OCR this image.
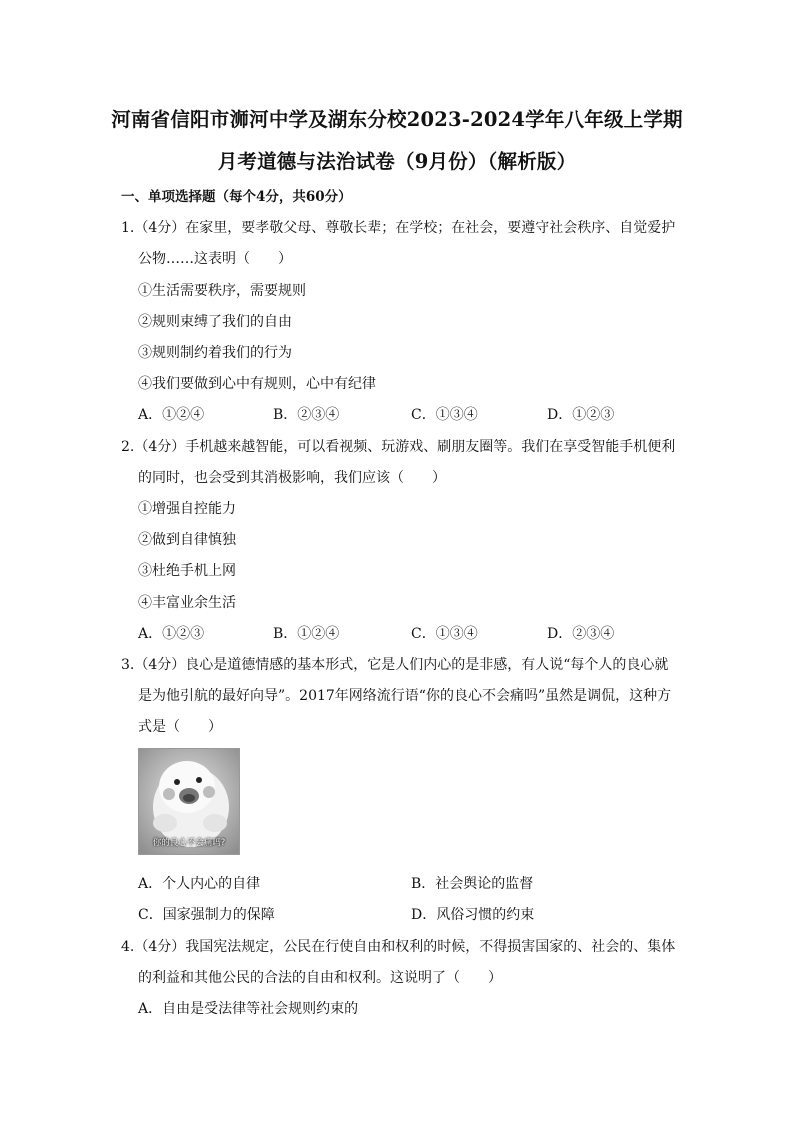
河南省信阳市浉河中学及湖东分校2023-2024学年八年级上学期
月考道德与法治试卷（9月份）（解析版）
一、单项选择题（每个4分，共60分）
1.（4分）在家里，要孝敬父母、尊敬长辈；在学校；在社会，要遵守社会秩序、自觉爱护
公物……这表明（　　）
①生活需要秩序，需要规则
②规则束缚了我们的自由
③规则制约着我们的行为
④我们要做到心中有规则，心中有纪律
A．①②④	B．②③④	C．①③④	D．①②③
2.（4分）手机越来越智能，可以看视频、玩游戏、刷朋友圈等。我们在享受智能手机便利
的同时，也会受到其消极影响，我们应该（　　）
①增强自控能力
②做到自律慎独
③杜绝手机上网
④丰富业余生活
A．①②③	B．①②④	C．①③④	D．②③④
3.（4分）良心是道德情感的基本形式，它是人们内心的是非感，有人说“每个人的良心就
是为他引航的最好向导”。2017年网络流行语“你的良心不会痛吗”虽然是调侃，这种方
式是（　　）
你的良心不会痛吗?
A．个人内心的自律	B．社会舆论的监督
C．国家强制力的保障	D．风俗习惯的约束
4.（4分）我国宪法规定，公民在行使自由和权利的时候，不得损害国家的、社会的、集体
的利益和其他公民的合法的自由和权利。这说明了（　　）
A．自由是受法律等社会规则约束的
